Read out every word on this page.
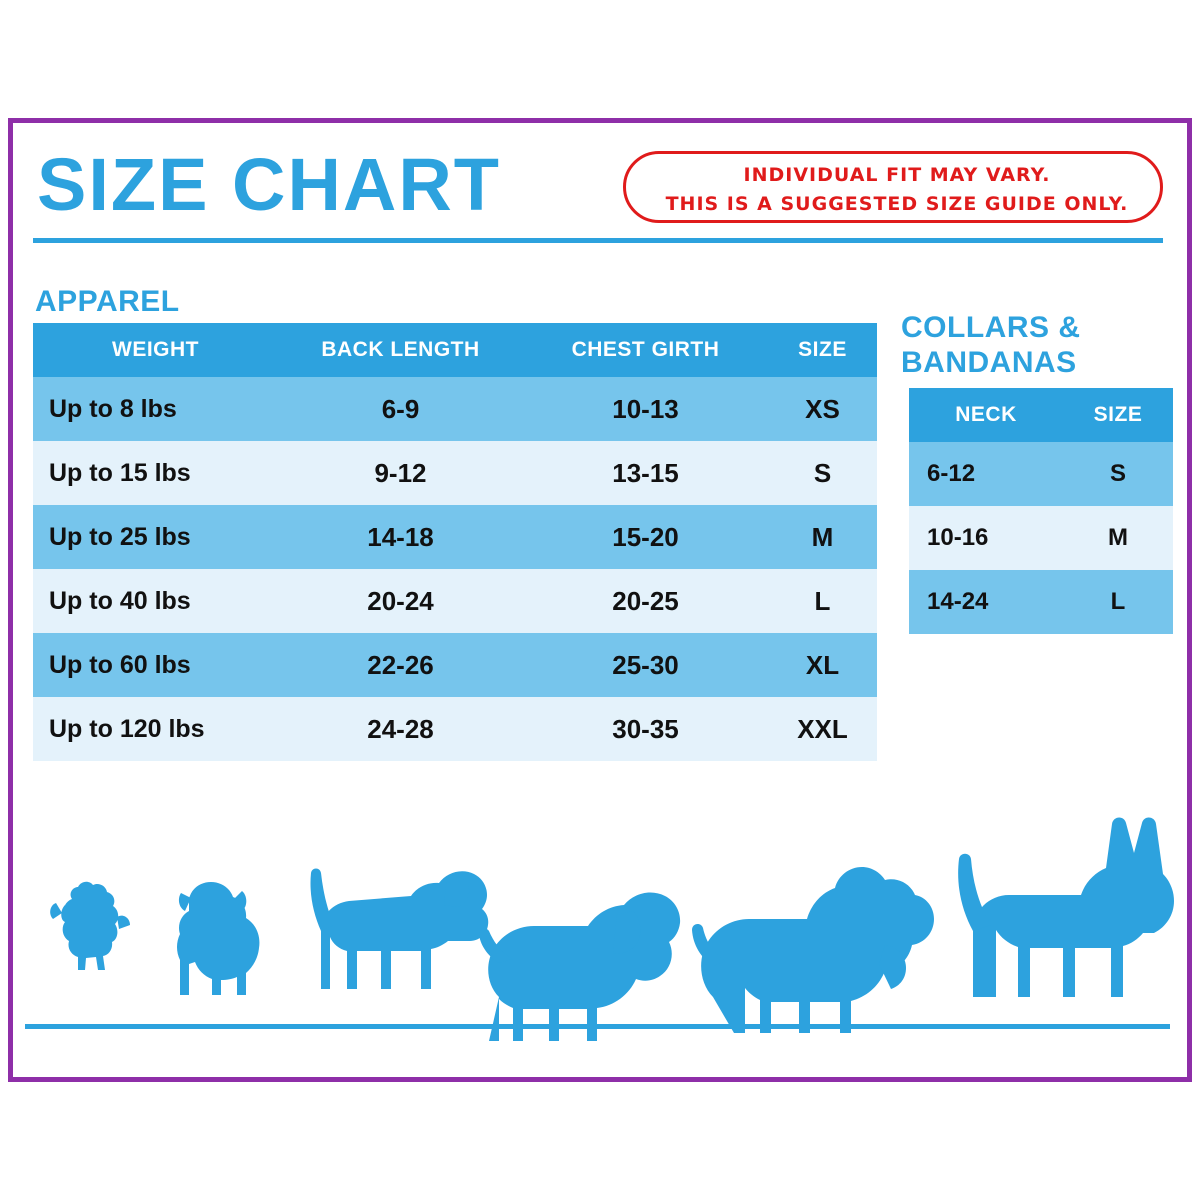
SIZE CHART	INDIVIDUAL FIT MAY VARY.
THIS IS A SUGGESTED SIZE GUIDE ONLY.
APPAREL
COLLARS &
BANDANAS
WEIGHT	BACK LENGTH	CHEST GIRTH	SIZE
Up to 8 lbs	6-9	10-13	XS
Up to 15 lbs	9-12	13-15	S
Up to 25 lbs	14-18	15-20	M
Up to 40 lbs	20-24	20-25	L
Up to 60 lbs	22-26	25-30	XL
Up to 120 lbs	24-28	30-35	XXL
NECK	SIZE
6-12	S
10-16	M
14-24	L
